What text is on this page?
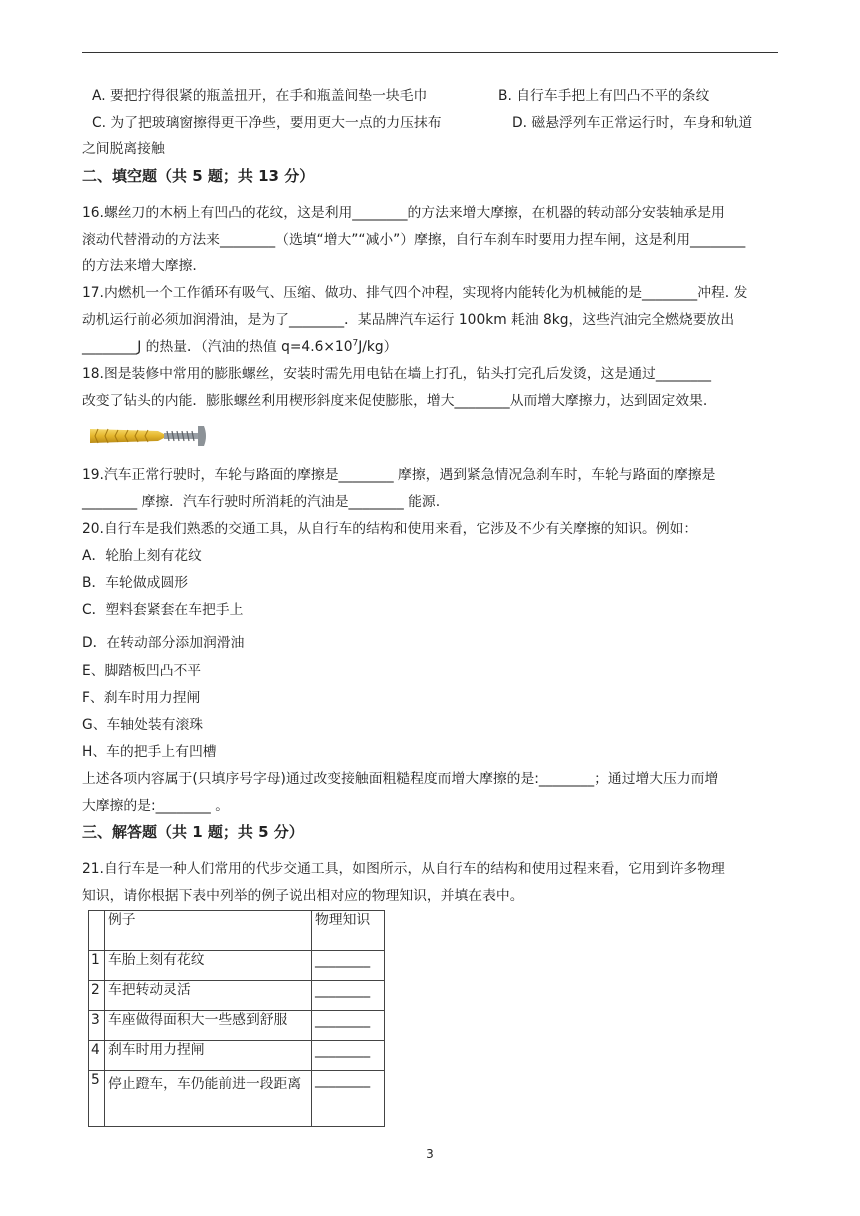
A. 要把拧得很紧的瓶盖扭开，在手和瓶盖间垫一块毛巾	B. 自行车手把上有凹凸不平的条纹
C. 为了把玻璃窗擦得更干净些，要用更大一点的力压抹布	D. 磁悬浮列车正常运行时，车身和轨道
之间脱离接触
二、填空题（共 5 题；共 13 分）
16.螺丝刀的木柄上有凹凸的花纹，这是利用________的方法来增大摩擦，在机器的转动部分安装轴承是用
滚动代替滑动的方法来________（选填“增大”“减小”）摩擦，自行车刹车时要用力捏车闸，这是利用________
的方法来增大摩擦.
17.内燃机一个工作循环有吸气、压缩、做功、排气四个冲程，实现将内能转化为机械能的是________冲程. 发
动机运行前必须加润滑油，是为了________．某品牌汽车运行 100km 耗油 8kg，这些汽油完全燃烧要放出
________J 的热量．（汽油的热值 $q=4.6\times 10^7J/kg$）
18.图是装修中常用的膨胀螺丝，安装时需先用电钻在墙上打孔，钻头打完孔后发烫，这是通过________
改变了钻头的内能．膨胀螺丝利用楔形斜度来促使膨胀，增大________从而增大摩擦力，达到固定效果.
19.汽车正常行驶时，车轮与路面的摩擦是________ 摩擦，遇到紧急情况急刹车时，车轮与路面的摩擦是
________ 摩擦．汽车行驶时所消耗的汽油是________ 能源.
20.自行车是我们熟悉的交通工具，从自行车的结构和使用来看，它涉及不少有关摩擦的知识。例如：
A．轮胎上刻有花纹
B．车轮做成圆形
C．塑料套紧套在车把手上
D．在转动部分添加润滑油
E、脚踏板凹凸不平
F、刹车时用力捏闸
G、车轴处装有滚珠
H、车的把手上有凹槽
上述各项内容属于(只填序号字母)通过改变接触面粗糙程度而增大摩擦的是:________；通过增大压力而增
大摩擦的是:________ 。
三、解答题（共 1 题；共 5 分）
21.自行车是一种人们常用的代步交通工具，如图所示，从自行车的结构和使用过程来看，它用到许多物理
知识，请你根据下表中列举的例子说出相对应的物理知识，并填在表中。
	例子	物理知识
1	车胎上刻有花纹	________
2	车把转动灵活	________
3	车座做得面积大一些感到舒服	________
4	刹车时用力捏闸	________
5	停止蹬车，车仍能前进一段距离	________
3
